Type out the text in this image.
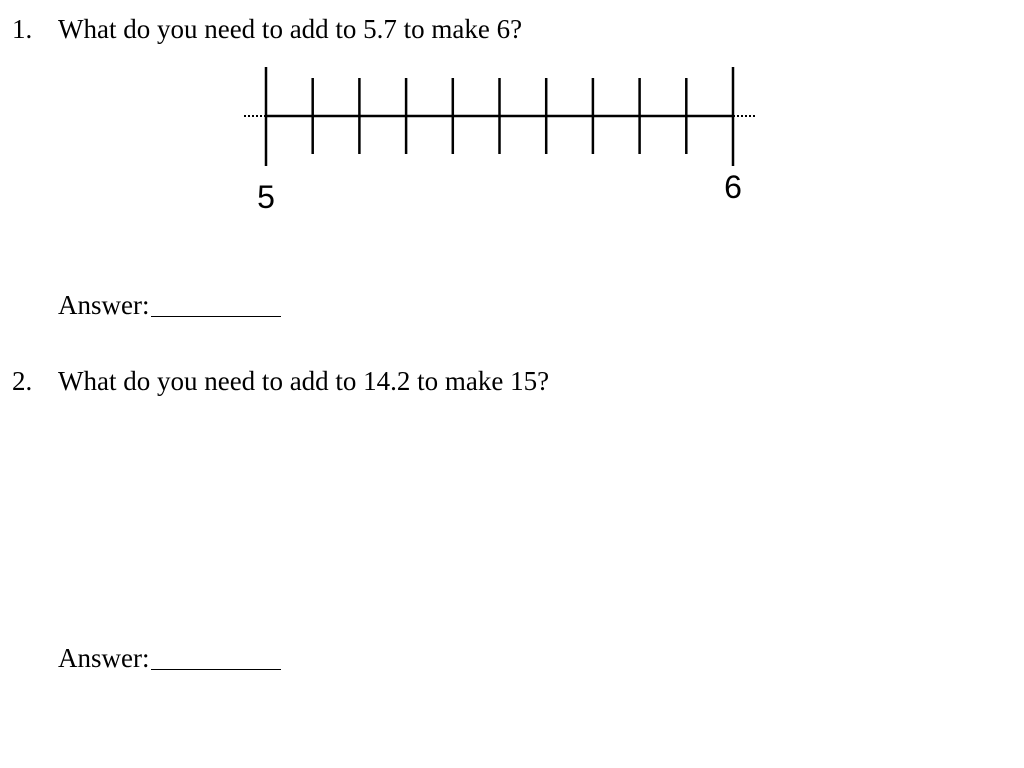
1. What do you need to add to 5.7 to make 6?
5	6
Answer:
2. What do you need to add to 14.2 to make 15?
Answer:
